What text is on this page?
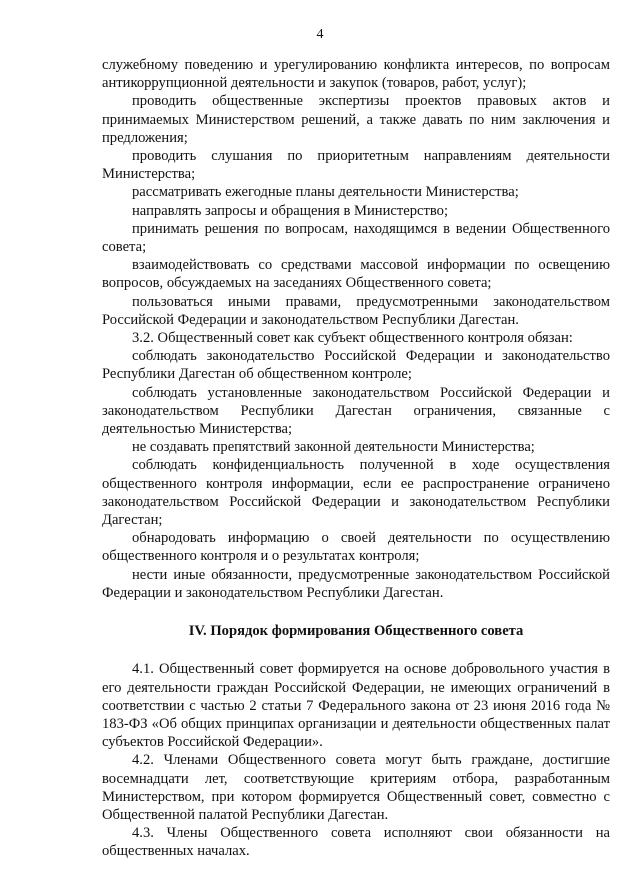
4

служебному поведению и урегулированию конфликта интересов, по вопросам антикоррупционной деятельности и закупок (товаров, работ, услуг);

проводить общественные экспертизы проектов правовых актов и принимаемых Министерством решений, а также давать по ним заключения и предложения;

проводить слушания по приоритетным направлениям деятельности Министерства;

рассматривать ежегодные планы деятельности Министерства;

направлять запросы и обращения в Министерство;

принимать решения по вопросам, находящимся в ведении Общественного совета;

взаимодействовать со средствами массовой информации по освещению вопросов, обсуждаемых на заседаниях Общественного совета;

пользоваться иными правами, предусмотренными законодательством Российской Федерации и законодательством Республики Дагестан.

3.2. Общественный совет как субъект общественного контроля обязан:

соблюдать законодательство Российской Федерации и законодательство Республики Дагестан об общественном контроле;

соблюдать установленные законодательством Российской Федерации и законодательством Республики Дагестан ограничения, связанные с деятельностью Министерства;

не создавать препятствий законной деятельности Министерства;

соблюдать конфиденциальность полученной в ходе осуществления общественного контроля информации, если ее распространение ограничено законодательством Российской Федерации и законодательством Республики Дагестан;

обнародовать информацию о своей деятельности по осуществлению общественного контроля и о результатах контроля;

нести иные обязанности, предусмотренные законодательством Российской Федерации и законодательством Республики Дагестан.

IV. Порядок формирования Общественного совета

4.1. Общественный совет формируется на основе добровольного участия в его деятельности граждан Российской Федерации, не имеющих ограничений в соответствии с частью 2 статьи 7 Федерального закона от 23 июня 2016 года № 183-ФЗ «Об общих принципах организации и деятельности общественных палат субъектов Российской Федерации».

4.2. Членами Общественного совета могут быть граждане, достигшие восемнадцати лет, соответствующие критериям отбора, разработанным Министерством, при котором формируется Общественный совет, совместно с Общественной палатой Республики Дагестан.

4.3. Члены Общественного совета исполняют свои обязанности на общественных началах.
